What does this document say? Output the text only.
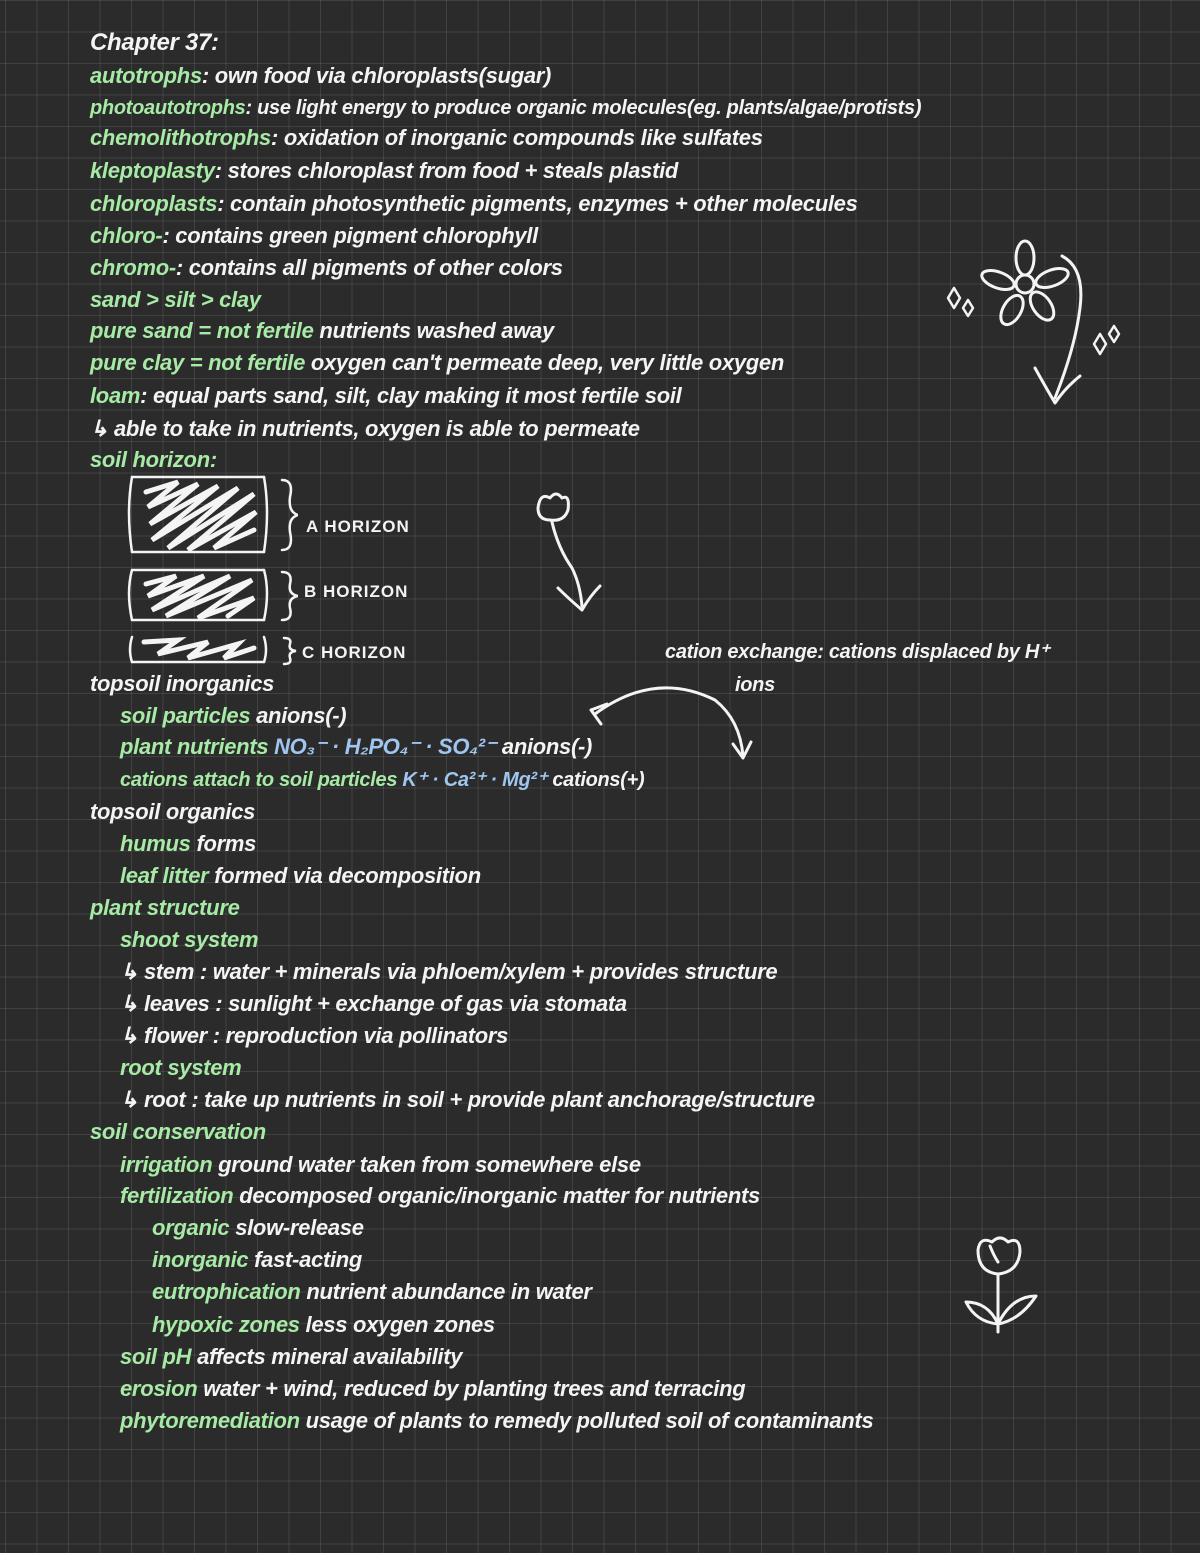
Chapter 37:
autotrophs: own food via chloroplasts(sugar)
photoautotrophs: use light energy to produce organic molecules(eg. plants/algae/protists)
chemolithotrophs: oxidation of inorganic compounds like sulfates
kleptoplasty: stores chloroplast from food + steals plastid
chloroplasts: contain photosynthetic pigments, enzymes + other molecules
chloro-: contains green pigment chlorophyll
chromo-: contains all pigments of other colors
sand > silt > clay
pure sand = not fertile nutrients washed away
pure clay = not fertile oxygen can't permeate deep, very little oxygen
loam: equal parts sand, silt, clay making it most fertile soil
↳ able to take in nutrients, oxygen is able to permeate
soil horizon:
A HORIZON
B HORIZON
C HORIZON	cation exchange: cations displaced by H⁺
ions
topsoil inorganics
soil particles anions(-)
plant nutrients NO₃⁻ · H₂PO₄⁻ · SO₄²⁻ anions(-)
cations attach to soil particles K⁺ · Ca²⁺ · Mg²⁺ cations(+)
topsoil organics
humus forms
leaf litter formed via decomposition
plant structure
shoot system
↳ stem : water + minerals via phloem/xylem + provides structure
↳ leaves : sunlight + exchange of gas via stomata
↳ flower : reproduction via pollinators
root system
↳ root : take up nutrients in soil + provide plant anchorage/structure
soil conservation
irrigation ground water taken from somewhere else
fertilization decomposed organic/inorganic matter for nutrients
organic slow-release
inorganic fast-acting
eutrophication nutrient abundance in water
hypoxic zones less oxygen zones
soil pH affects mineral availability
erosion water + wind, reduced by planting trees and terracing
phytoremediation usage of plants to remedy polluted soil of contaminants
